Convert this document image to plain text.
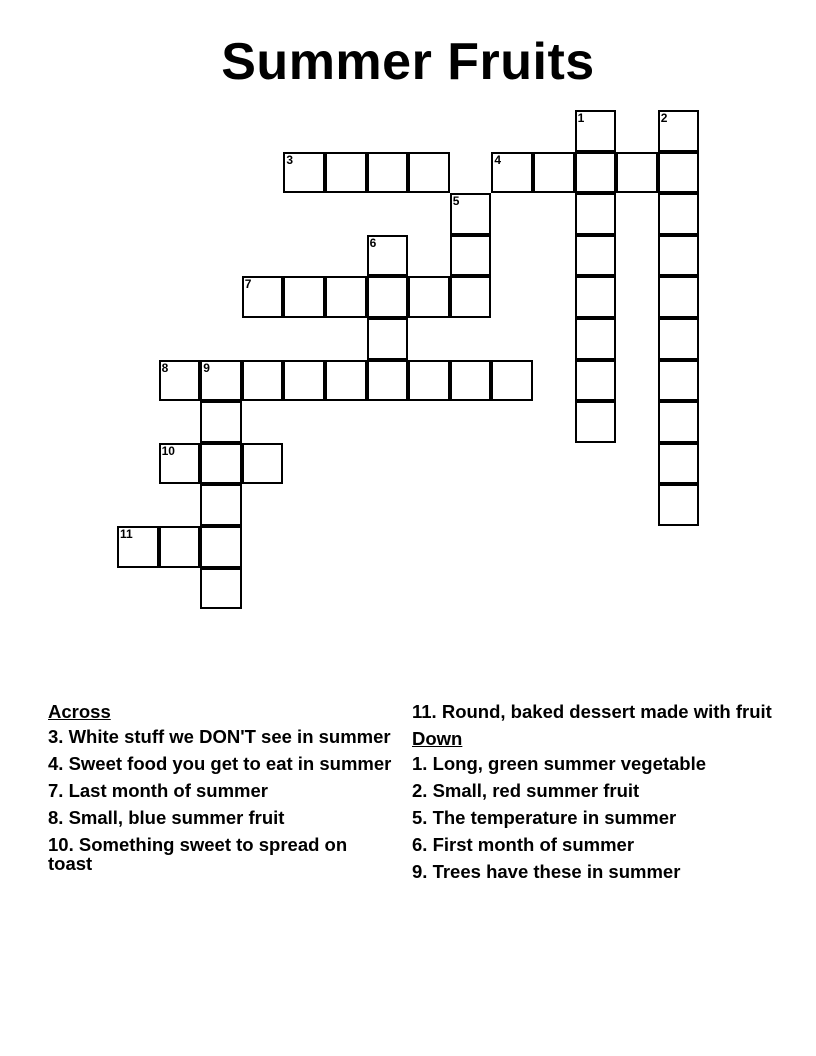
Summer Fruits
1	2
3	4
5
6
7
8	9
10
11
Across
3. White stuff we DON'T see in summer
4. Sweet food you get to eat in summer
7. Last month of summer
8. Small, blue summer fruit
10. Something sweet to spread on toast
11. Round, baked dessert made with fruit
Down
1. Long, green summer vegetable
2. Small, red summer fruit
5. The temperature in summer
6. First month of summer
9. Trees have these in summer
